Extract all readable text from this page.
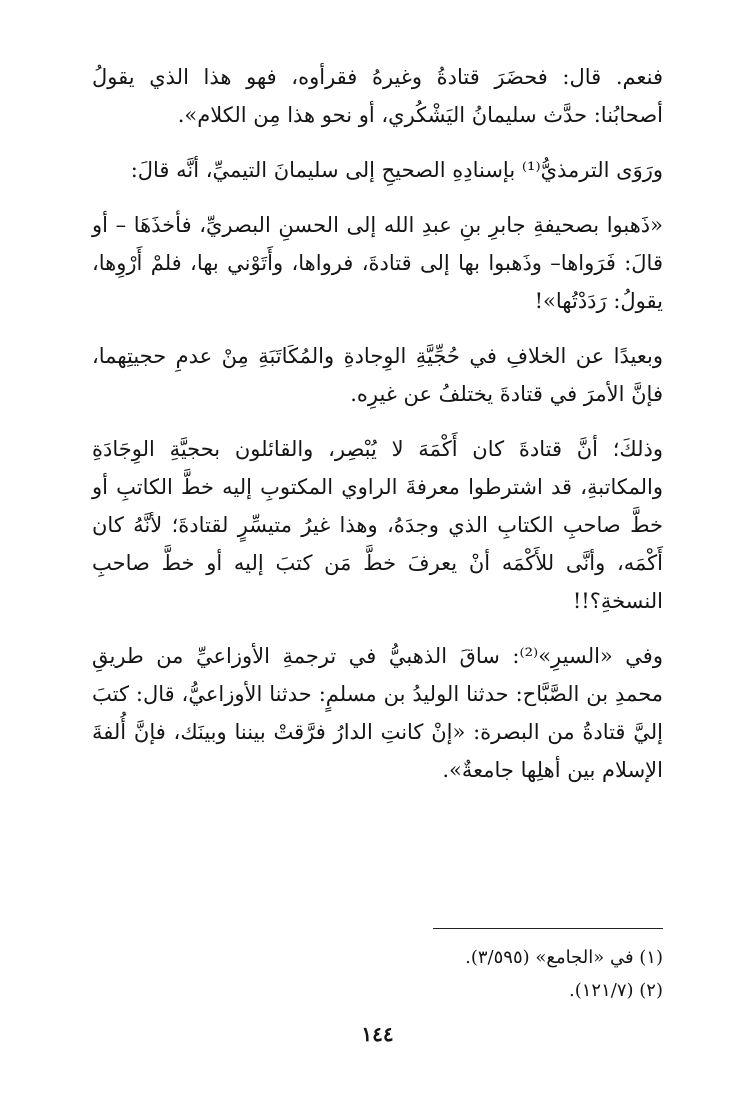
فنعم. قال: فحضَرَ قتادةُ وغيرهُ فقرأوه، فهو هذا الذي يقولُ أصحابُنا: حدَّث سليمانُ اليَشْكُري، أو نحو هذا مِن الكلام».

ورَوَى الترمذيُّ⁽¹⁾ بإسنادِهِ الصحيحِ إلى سليمانَ التيميِّ، أنَّه قالَ:

«ذَهبوا بصحيفةِ جابرِ بنِ عبدِ الله إلى الحسنِ البصريِّ، فأخذَهَا – أو قالَ: فَرَواها– وذَهبوا بها إلى قتادةَ، فرواها، وأَتَوْني بها، فلمْ أَرْوِها، يقولُ: رَدَدْتُها»!

وبعيدًا عن الخلافِ في حُجِّيَّةِ الوِجادةِ والمُكَاتَبَةِ مِنْ عدمِ حجيتِهما، فإنَّ الأمرَ في قتادةَ يختلفُ عن غيرِه.

وذلكَ؛ أنَّ قتادةَ كان أَكْمَهَ لا يُبْصِر، والقائلون بحجيَّةِ الوِجَادَةِ والمكاتبةِ، قد اشترطوا معرفةَ الراوي المكتوبِ إليه خطَّ الكاتبِ أو خطَّ صاحبِ الكتابِ الذي وجدَهُ، وهذا غيرُ متيسِّرٍ لقتادةَ؛ لأنَّهُ كان أَكْمَه، وأنَّى للأَكْمَه أنْ يعرفَ خطَّ مَن كتبَ إليه أو خطَّ صاحبِ النسخةِ؟!!

وفي «السيرِ»⁽²⁾: ساقَ الذهبيُّ في ترجمةِ الأوزاعيِّ من طريقِ محمدِ بن الصَّبَّاح: حدثنا الوليدُ بن مسلمٍ: حدثنا الأوزاعيُّ، قال: كتبَ إليَّ قتادةُ من البصرة: «إنْ كانتِ الدارُ فرَّقتْ بيننا وبينَك، فإنَّ أُلفةَ الإسلام بين أهلِها جامعةٌ».

(١) في «الجامع» (٣/٥٩٥).

(٢) (١٢١/٧).

١٤٤
